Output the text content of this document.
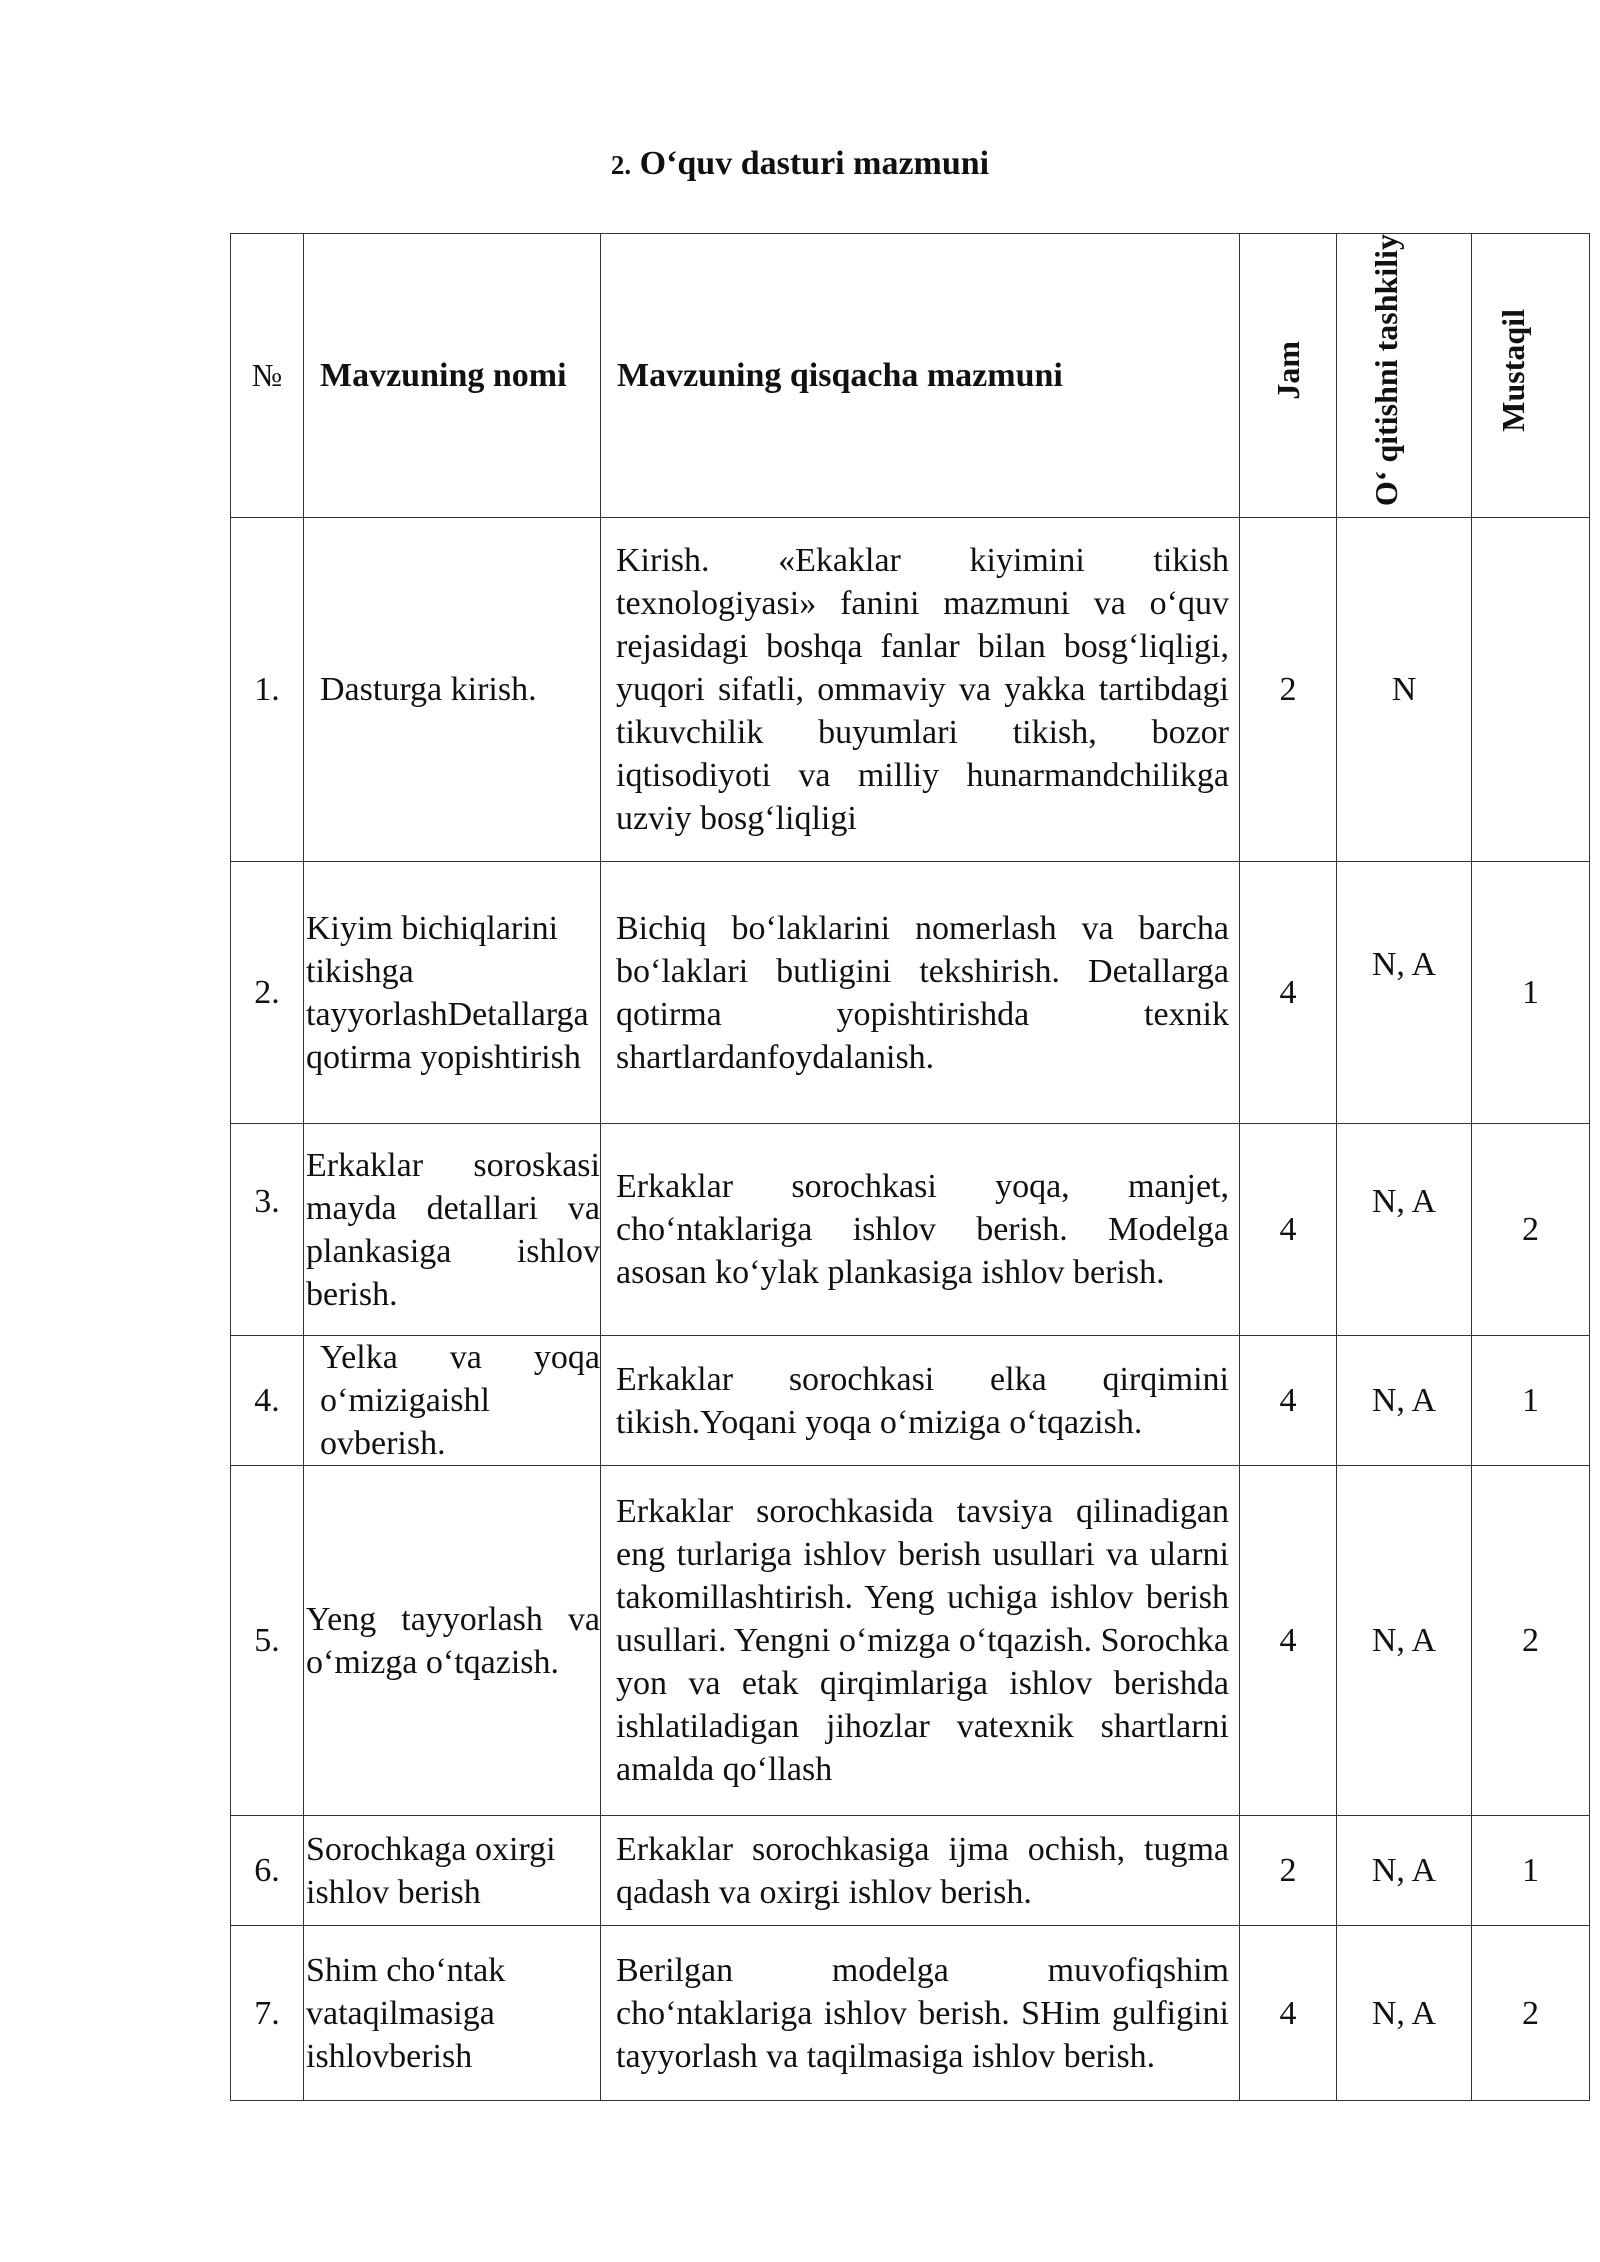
2. O‘quv dasturi mazmuni
№	Mavzuning nomi	Mavzuning qisqacha mazmuni	Jam	O‘ qitishni tashkiliy	Mustaqil
1.	Dasturga kirish.	Kirish. «Ekaklar kiyimini tikish texnologiyasi» fanini mazmuni va o‘quv rejasidagi boshqa fanlar bilan bosg‘liqligi, yuqori sifatli, ommaviy va yakka tartibdagi tikuvchilik buyumlari tikish, bozor iqtisodiyoti va milliy hunarmandchilikga uzviy bosg‘liqligi	2	N	
2.	Kiyim bichiqlarini tikishga tayyorlashDetallarga qotirma yopishtirish	Bichiq bo‘laklarini nomerlash va barcha bo‘laklari butligini tekshirish. Detallarga qotirma yopishtirishda texnik shartlardanfoydalanish.	4	N, A	1
3.	Erkaklar soroskasi mayda detallari va plankasiga ishlov berish.	Erkaklar sorochkasi yoqa, manjet, cho‘ntaklariga ishlov berish. Modelga asosan ko‘ylak plankasiga ishlov berish.	4	N, A	2
4.	Yelka va yoqa o‘mizigaishl ovberish.	Erkaklar sorochkasi elka qirqimini tikish.Yoqani yoqa o‘miziga o‘tqazish.	4	N, A	1
5.	Yeng tayyorlash va o‘mizga o‘tqazish.	Erkaklar sorochkasida tavsiya qilinadigan eng turlariga ishlov berish usullari va ularni takomillashtirish. Yeng uchiga ishlov berish usullari. Yengni o‘mizga o‘tqazish. Sorochka yon va etak qirqimlariga ishlov berishda ishlatiladigan jihozlar vatexnik shartlarni amalda qo‘llash	4	N, A	2
6.	Sorochkaga oxirgi ishlov berish	Erkaklar sorochkasiga ijma ochish, tugma qadash va oxirgi ishlov berish.	2	N, A	1
7.	Shim cho‘ntak vataqilmasiga ishlovberish	Berilgan modelga muvofiqshim cho‘ntaklariga ishlov berish. SHim gulfigini tayyorlash va taqilmasiga ishlov berish.	4	N, A	2
